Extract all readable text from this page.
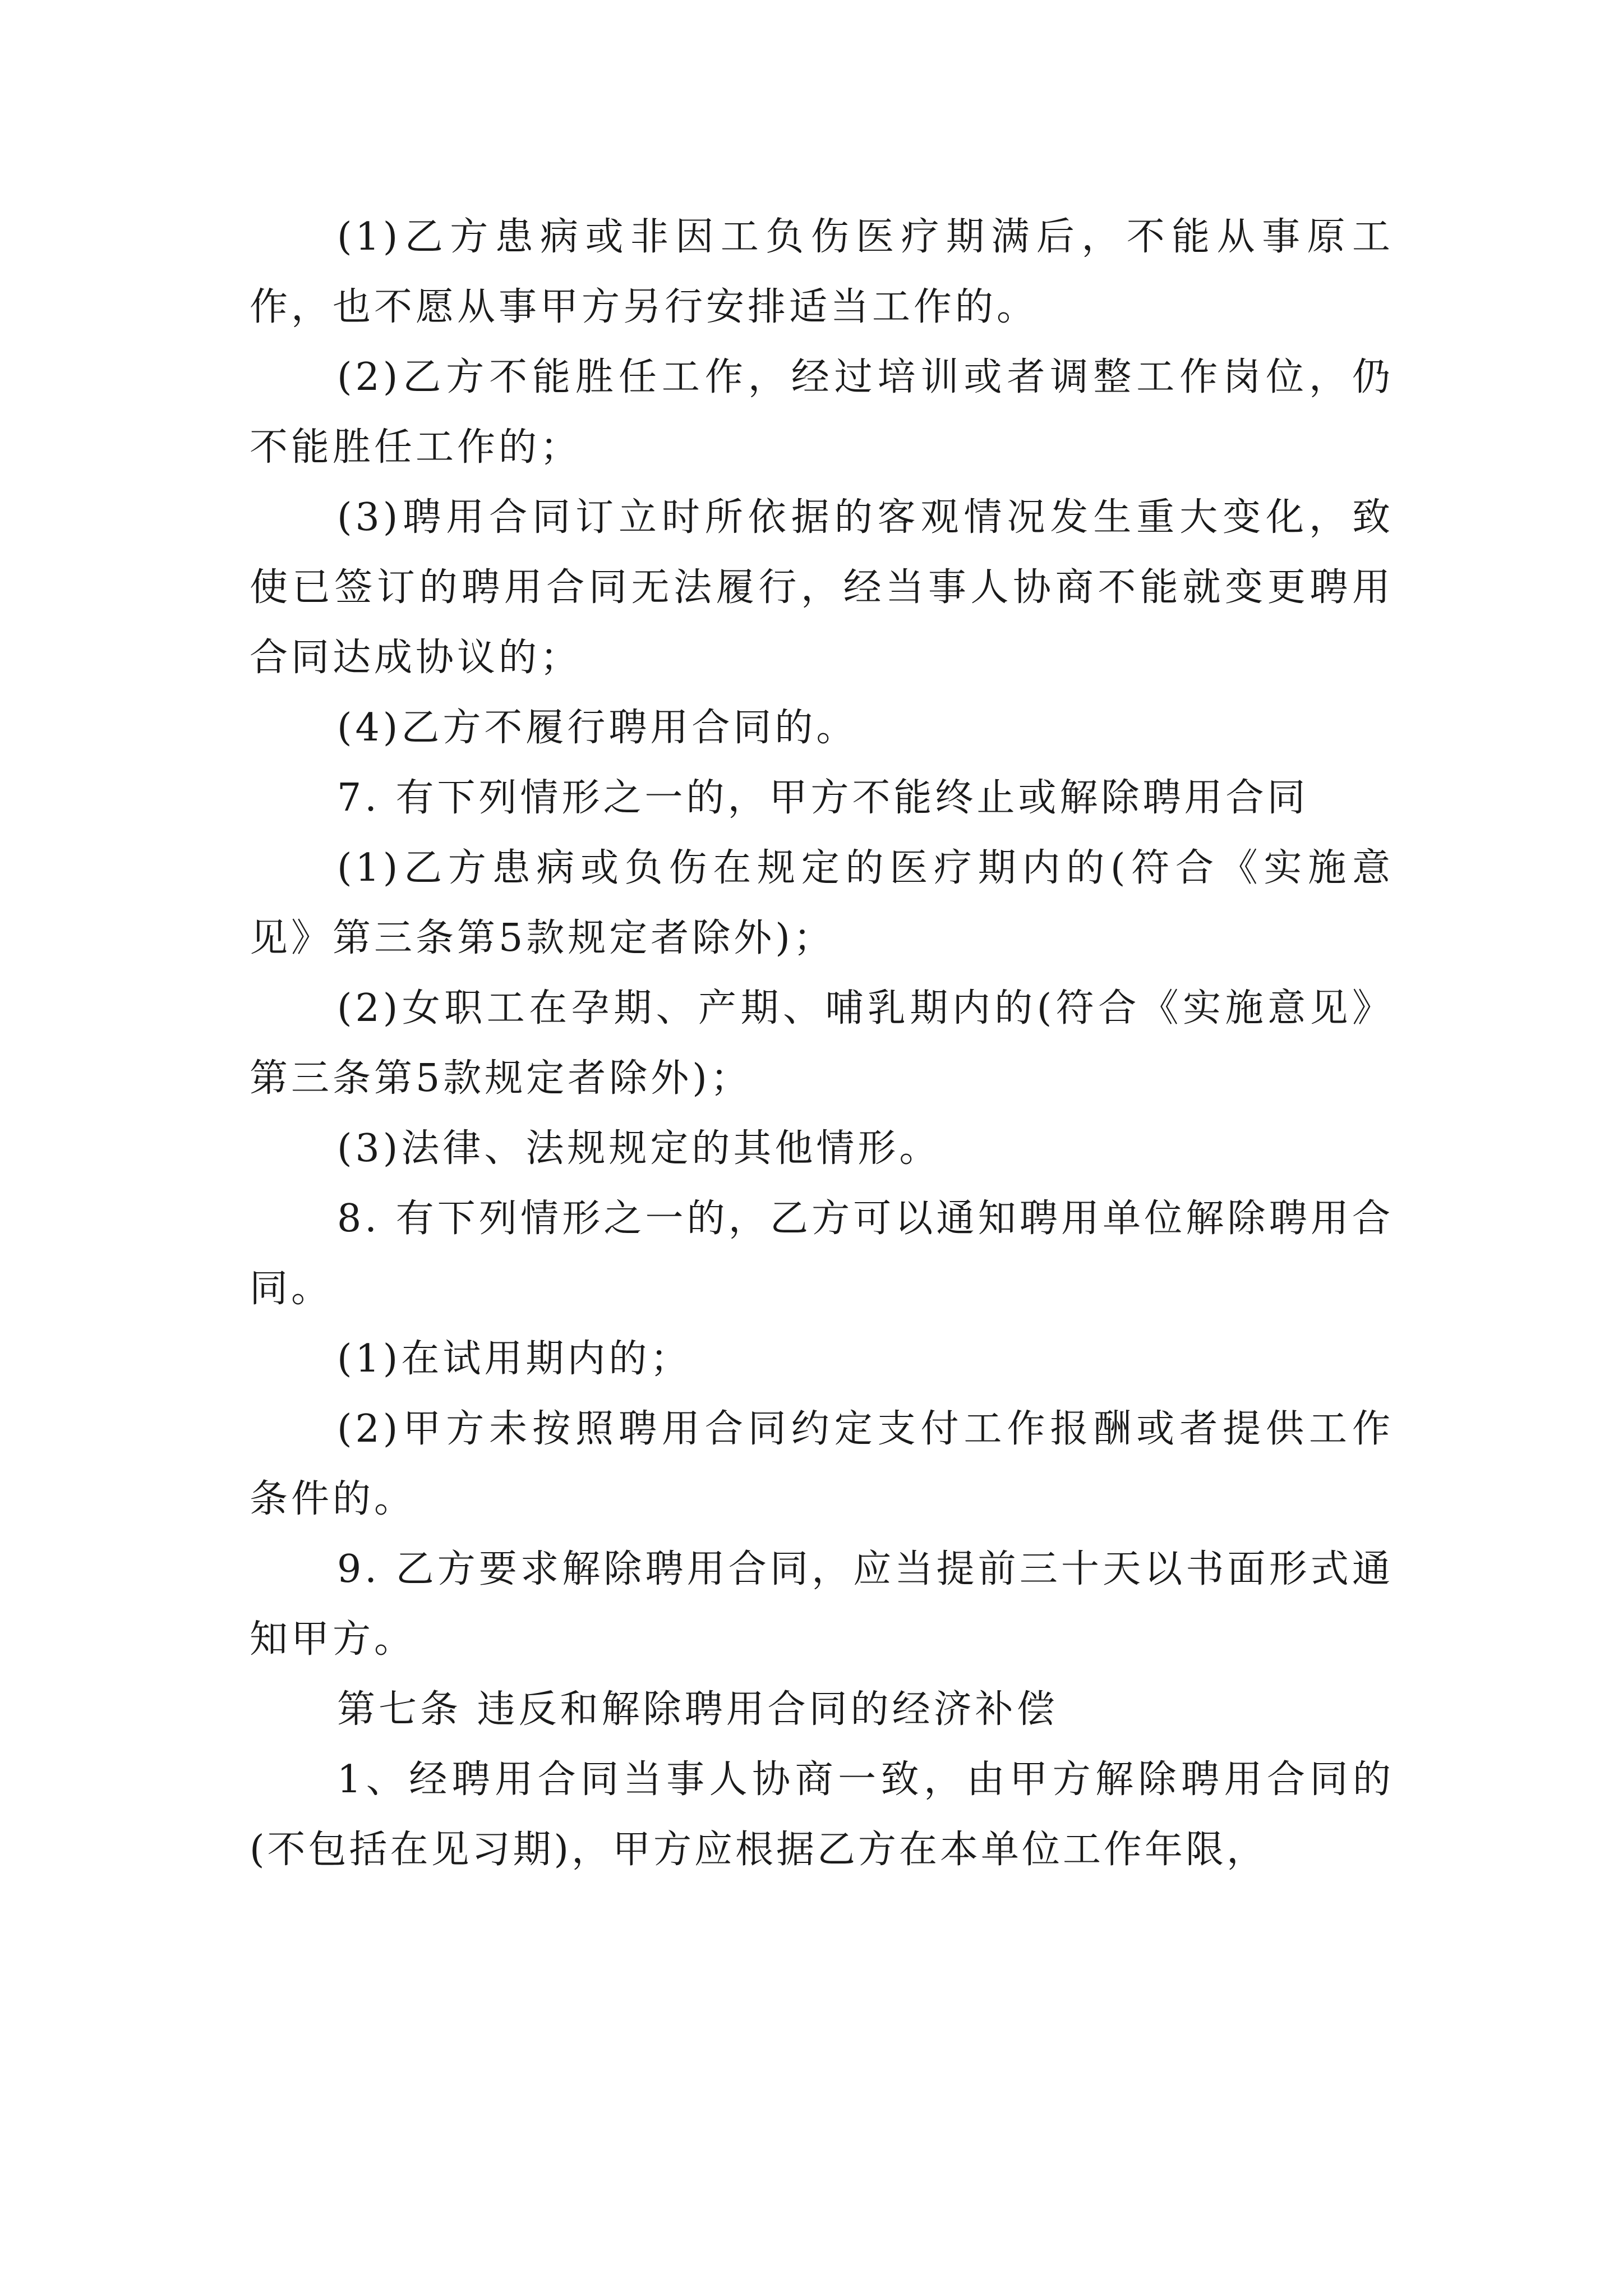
(1)乙方患病或非因工负伤医疗期满后，不能从事原工作，也不愿从事甲方另行安排适当工作的。

(2)乙方不能胜任工作，经过培训或者调整工作岗位，仍不能胜任工作的；

(3)聘用合同订立时所依据的客观情况发生重大变化，致使已签订的聘用合同无法履行，经当事人协商不能就变更聘用合同达成协议的；

(4)乙方不履行聘用合同的。

7. 有下列情形之一的，甲方不能终止或解除聘用合同

(1)乙方患病或负伤在规定的医疗期内的(符合《实施意见》第三条第5款规定者除外)；

(2)女职工在孕期、产期、哺乳期内的(符合《实施意见》第三条第5款规定者除外)；

(3)法律、法规规定的其他情形。

8. 有下列情形之一的，乙方可以通知聘用单位解除聘用合同。

(1)在试用期内的；

(2)甲方未按照聘用合同约定支付工作报酬或者提供工作条件的。

9. 乙方要求解除聘用合同，应当提前三十天以书面形式通知甲方。

第七条 违反和解除聘用合同的经济补偿

1、经聘用合同当事人协商一致，由甲方解除聘用合同的(不包括在见习期)，甲方应根据乙方在本单位工作年限，
